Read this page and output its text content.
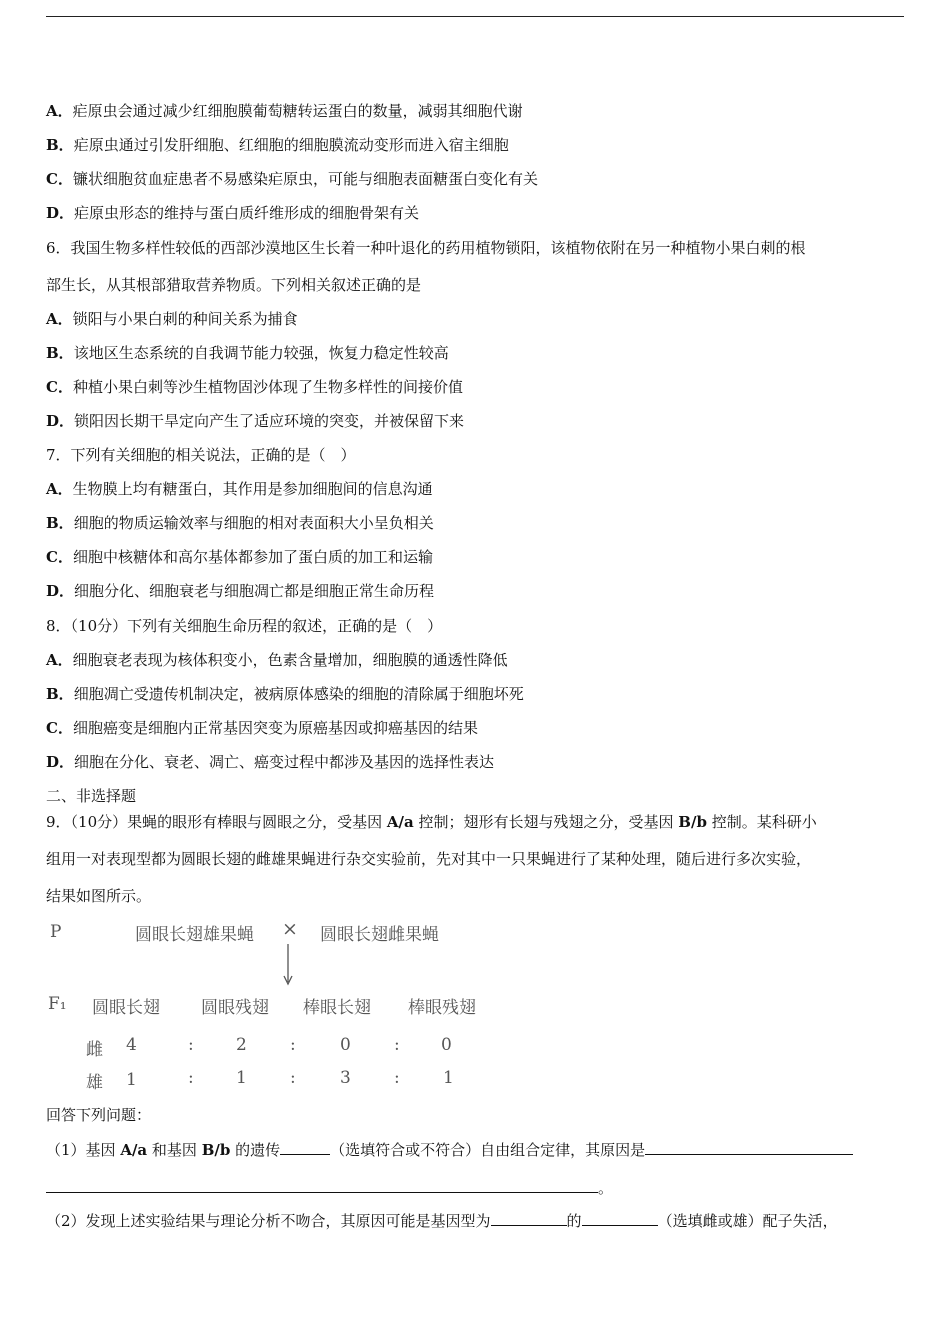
A．疟原虫会通过减少红细胞膜葡萄糖转运蛋白的数量，减弱其细胞代谢
B．疟原虫通过引发肝细胞、红细胞的细胞膜流动变形而进入宿主细胞
C．镰状细胞贫血症患者不易感染疟原虫，可能与细胞表面糖蛋白变化有关
D．疟原虫形态的维持与蛋白质纤维形成的细胞骨架有关
6．我国生物多样性较低的西部沙漠地区生长着一种叶退化的药用植物锁阳，该植物依附在另一种植物小果白刺的根
部生长，从其根部猎取营养物质。下列相关叙述正确的是
A．锁阳与小果白刺的种间关系为捕食
B．该地区生态系统的自我调节能力较强，恢复力稳定性较高
C．种植小果白刺等沙生植物固沙体现了生物多样性的间接价值
D．锁阳因长期干旱定向产生了适应环境的突变，并被保留下来
7．下列有关细胞的相关说法，正确的是（　）
A．生物膜上均有糖蛋白，其作用是参加细胞间的信息沟通
B．细胞的物质运输效率与细胞的相对表面积大小呈负相关
C．细胞中核糖体和高尔基体都参加了蛋白质的加工和运输
D．细胞分化、细胞衰老与细胞凋亡都是细胞正常生命历程
8．（10分）下列有关细胞生命历程的叙述，正确的是（　）
A．细胞衰老表现为核体积变小，色素含量增加，细胞膜的通透性降低
B．细胞凋亡受遗传机制决定，被病原体感染的细胞的清除属于细胞坏死
C．细胞癌变是细胞内正常基因突变为原癌基因或抑癌基因的结果
D．细胞在分化、衰老、凋亡、癌变过程中都涉及基因的选择性表达
二、非选择题
9．（10分）果蝇的眼形有棒眼与圆眼之分，受基因 A/a 控制；翅形有长翅与残翅之分，受基因 B/b 控制。某科研小
组用一对表现型都为圆眼长翅的雌雄果蝇进行杂交实验前，先对其中一只果蝇进行了某种处理，随后进行多次实验，
结果如图所示。
P	圆眼长翅雄果蝇 × 圆眼长翅雌果蝇
F₁ 圆眼长翅 圆眼残翅 棒眼长翅 棒眼残翅
雌 4	: 2	:	0	: 0
雄 1	: 1	:	3	:	1
回答下列问题：
（1）基因 A/a 和基因 B/b 的遗传	（选填符合或不符合）自由组合定律，其原因是
。
（2）发现上述实验结果与理论分析不吻合，其原因可能是基因型为	的	（选填雌或雄）配子失活，
